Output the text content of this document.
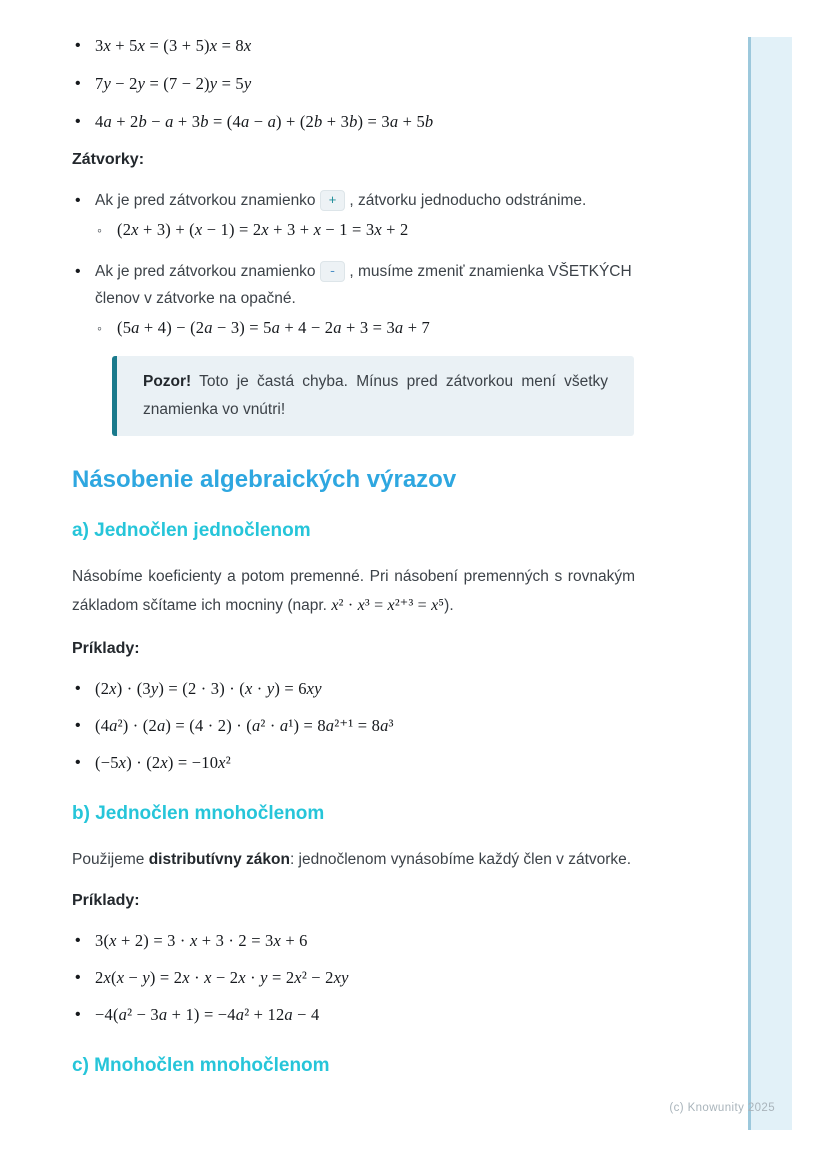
• 3x + 5x = (3 + 5)x = 8x
• 7y − 2y = (7 − 2)y = 5y
• 4a + 2b − a + 3b = (4a − a) + (2b + 3b) = 3a + 5b
Zátvorky:
• Ak je pred zátvorkou znamienko + , zátvorku jednoducho odstránime.
◦ (2x + 3) + (x − 1) = 2x + 3 + x − 1 = 3x + 2
• Ak je pred zátvorkou znamienko - , musíme zmeniť znamienka VŠETKÝCH členov v zátvorke na opačné.
◦ (5a + 4) − (2a − 3) = 5a + 4 − 2a + 3 = 3a + 7
Pozor! Toto je častá chyba. Mínus pred zátvorkou mení všetky znamienka vo vnútri!
Násobenie algebraických výrazov
a) Jednočlen jednočlenom

Násobíme koeficienty a potom premenné. Pri násobení premenných s rovnakým základom sčítame ich mocniny (napr. x² · x³ = x²⁺³ = x⁵).

Príklady:
• (2x) · (3y) = (2 · 3) · (x · y) = 6xy
• (4a²) · (2a) = (4 · 2) · (a² · a¹) = 8a²⁺¹ = 8a³
• (−5x) · (2x) = −10x²
b) Jednočlen mnohočlenom

Použijeme distributívny zákon: jednočlenom vynásobíme každý člen v zátvorke.

Príklady:
• 3(x + 2) = 3 · x + 3 · 2 = 3x + 6
• 2x(x − y) = 2x · x − 2x · y = 2x² − 2xy
• −4(a² − 3a + 1) = −4a² + 12a − 4
c) Mnohočlen mnohočlenom
(c) Knowunity 2025
